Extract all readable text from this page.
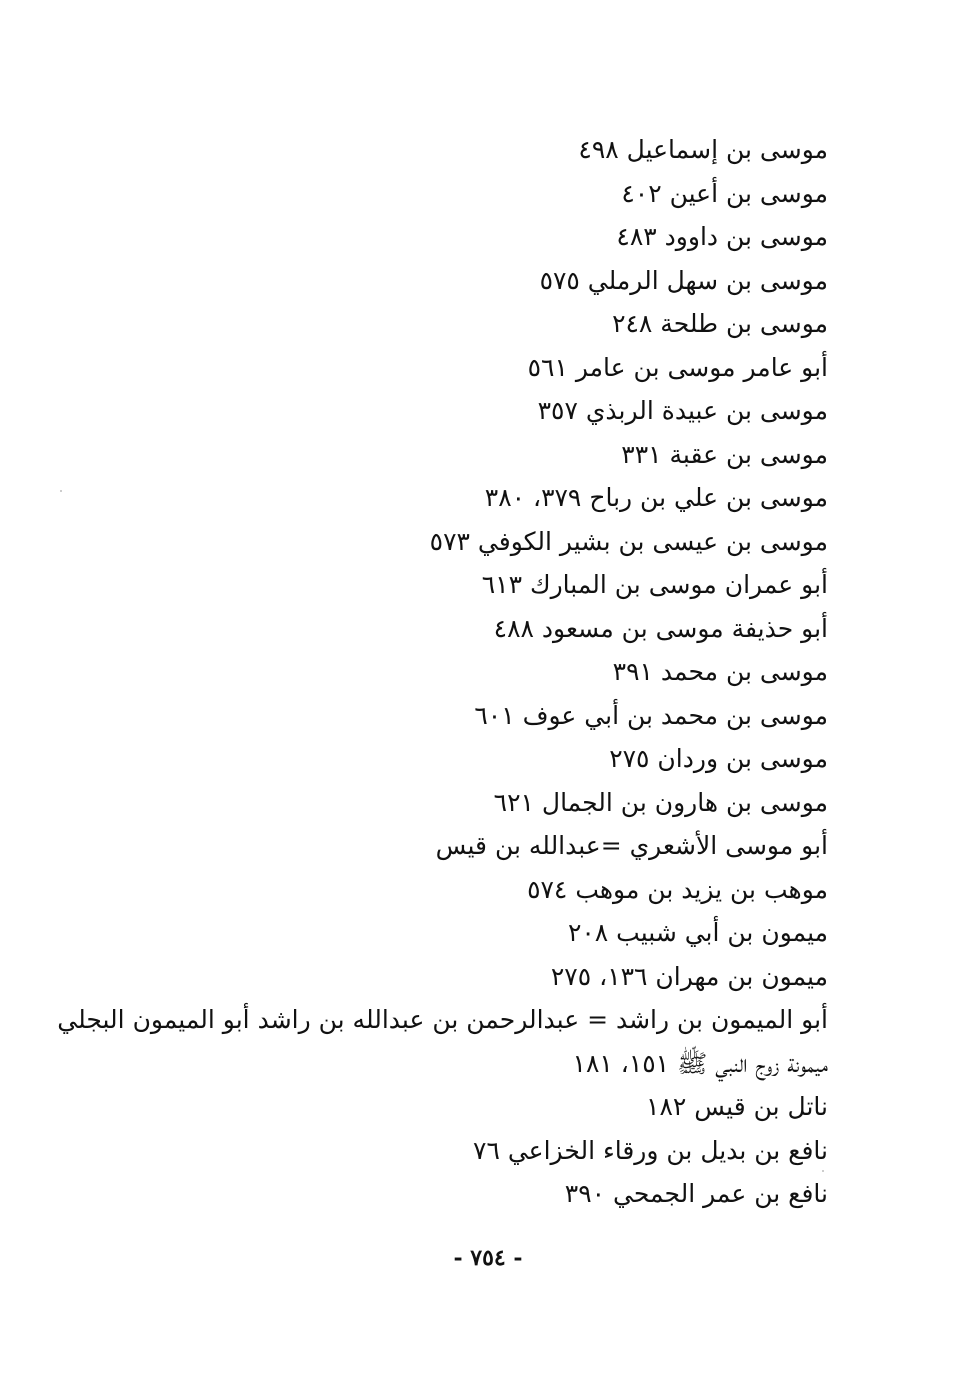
موسى بن إسماعيل ٤٩٨
موسى بن أعين ٤٠٢
موسى بن داوود ٤٨٣
موسى بن سهل الرملي ٥٧٥
موسى بن طلحة ٢٤٨
أبو عامر موسى بن عامر ٥٦١
موسى بن عبيدة الربذي ٣٥٧
موسى بن عقبة ٣٣١
موسى بن علي بن رباح ٣٧٩، ٣٨٠
موسى بن عيسى بن بشير الكوفي ٥٧٣
أبو عمران موسى بن المبارك ٦١٣
أبو حذيفة موسى بن مسعود ٤٨٨
موسى بن محمد ٣٩١
موسى بن محمد بن أبي عوف ٦٠١
موسى بن وردان ٢٧٥
موسى بن هارون بن الجمال ٦٢١
أبو موسى الأشعري =عبدالله بن قيس
موهب بن يزيد بن موهب ٥٧٤
ميمون بن أبي شبيب ٢٠٨
ميمون بن مهران ١٣٦، ٢٧٥
أبو الميمون بن راشد = عبدالرحمن بن عبدالله بن راشد أبو الميمون البجلي
ميمونة زوج النبي ﷺ ١٥١، ١٨١
ناتل بن قيس ١٨٢
نافع بن بديل بن ورقاء الخزاعي ٧٦
نافع بن عمر الجمحي ٣٩٠
- ٧٥٤ -
